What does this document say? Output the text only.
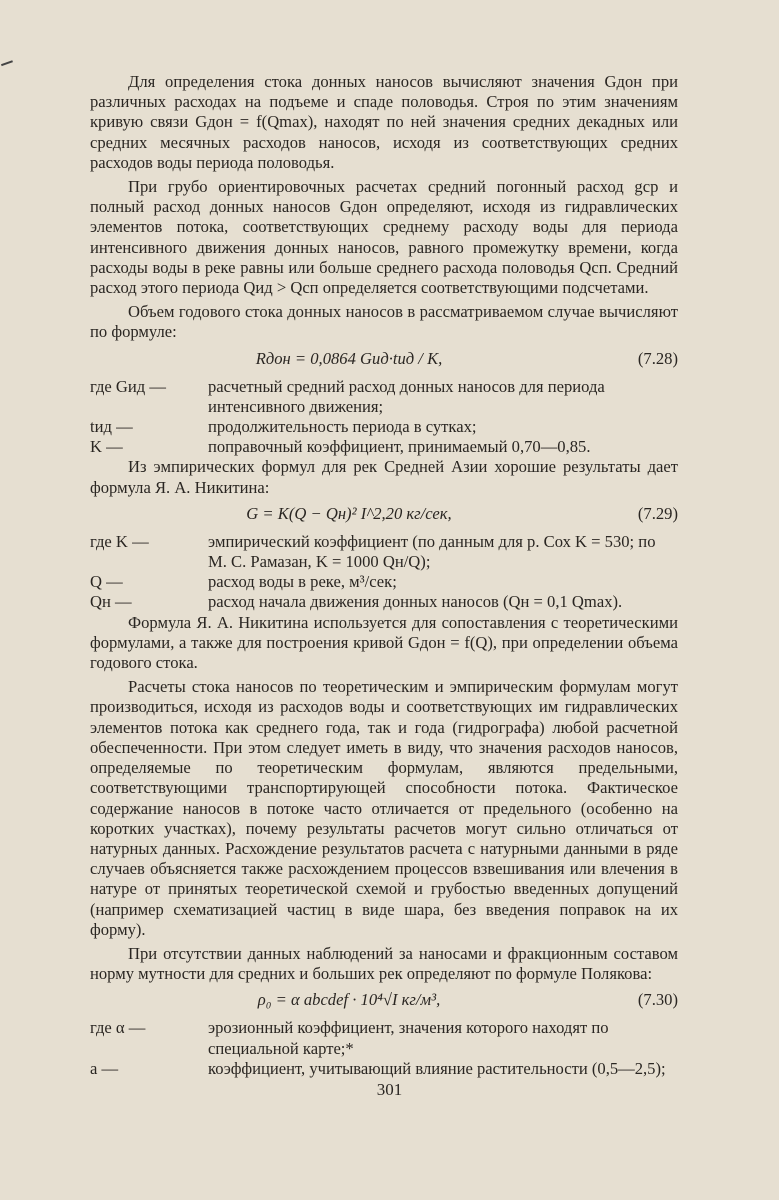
Для определения стока донных наносов вычисляют значения Gдон при различных расходах на подъеме и спаде половодья. Строя по этим значениям кривую связи Gдон = f(Qmax), находят по ней значения средних декадных или средних месячных расходов наносов, исходя из соответствующих средних расходов воды периода половодья.

При грубо ориентировочных расчетах средний погонный расход gср и полный расход донных наносов Gдон определяют, исходя из гидравлических элементов потока, соответствующих среднему расходу воды для периода интенсивного движения донных наносов, равного промежутку времени, когда расходы воды в реке равны или больше среднего расхода половодья Qсп. Средний расход этого периода Qид > Qсп определяется соответствующими подсчетами.

Объем годового стока донных наносов в рассматриваемом случае вычисляют по формуле:

Rдон = 0,0864 Gид·tид / K,	(7.28)
где Gид —	расчетный средний расход донных наносов для периода интенсивного движения;
tид —	продолжительность периода в сутках;
K —	поправочный коэффициент, принимаемый 0,70—0,85.

Из эмпирических формул для рек Средней Азии хорошие результаты дает формула Я. А. Никитина:

G = K(Q − Qн)² I^2,20 кг/сек,	(7.29)
где K —	эмпирический коэффициент (по данным для р. Сох K = 530; по М. С. Рамазан, K = 1000 Qн/Q);
Q —	расход воды в реке, м³/сек;
Qн —	расход начала движения донных наносов (Qн = 0,1 Qmax).

Формула Я. А. Никитина используется для сопоставления с теоретическими формулами, а также для построения кривой Gдон = f(Q), при определении объема годового стока.

Расчеты стока наносов по теоретическим и эмпирическим формулам могут производиться, исходя из расходов воды и соответствующих им гидравлических элементов потока как среднего года, так и года (гидрографа) любой расчетной обеспеченности. При этом следует иметь в виду, что значения расходов наносов, определяемые по теоретическим формулам, являются предельными, соответствующими транспортирующей способности потока. Фактическое содержание наносов в потоке часто отличается от предельного (особенно на коротких участках), почему результаты расчетов могут сильно отличаться от натурных данных. Расхождение результатов расчета с натурными данными в ряде случаев объясняется также расхождением процессов взвешивания или влечения в натуре от принятых теоретической схемой и грубостью введенных допущений (например схематизацией частиц в виде шара, без введения поправок на их форму).

При отсутствии данных наблюдений за наносами и фракционным составом норму мутности для средних и больших рек определяют по формуле Полякова:

ρ₀ = α abcdef · 10⁴√I кг/м³,	(7.30)
где α —	эрозионный коэффициент, значения которого находят по специальной карте;*
a —	коэффициент, учитывающий влияние растительности (0,5—2,5);
301
